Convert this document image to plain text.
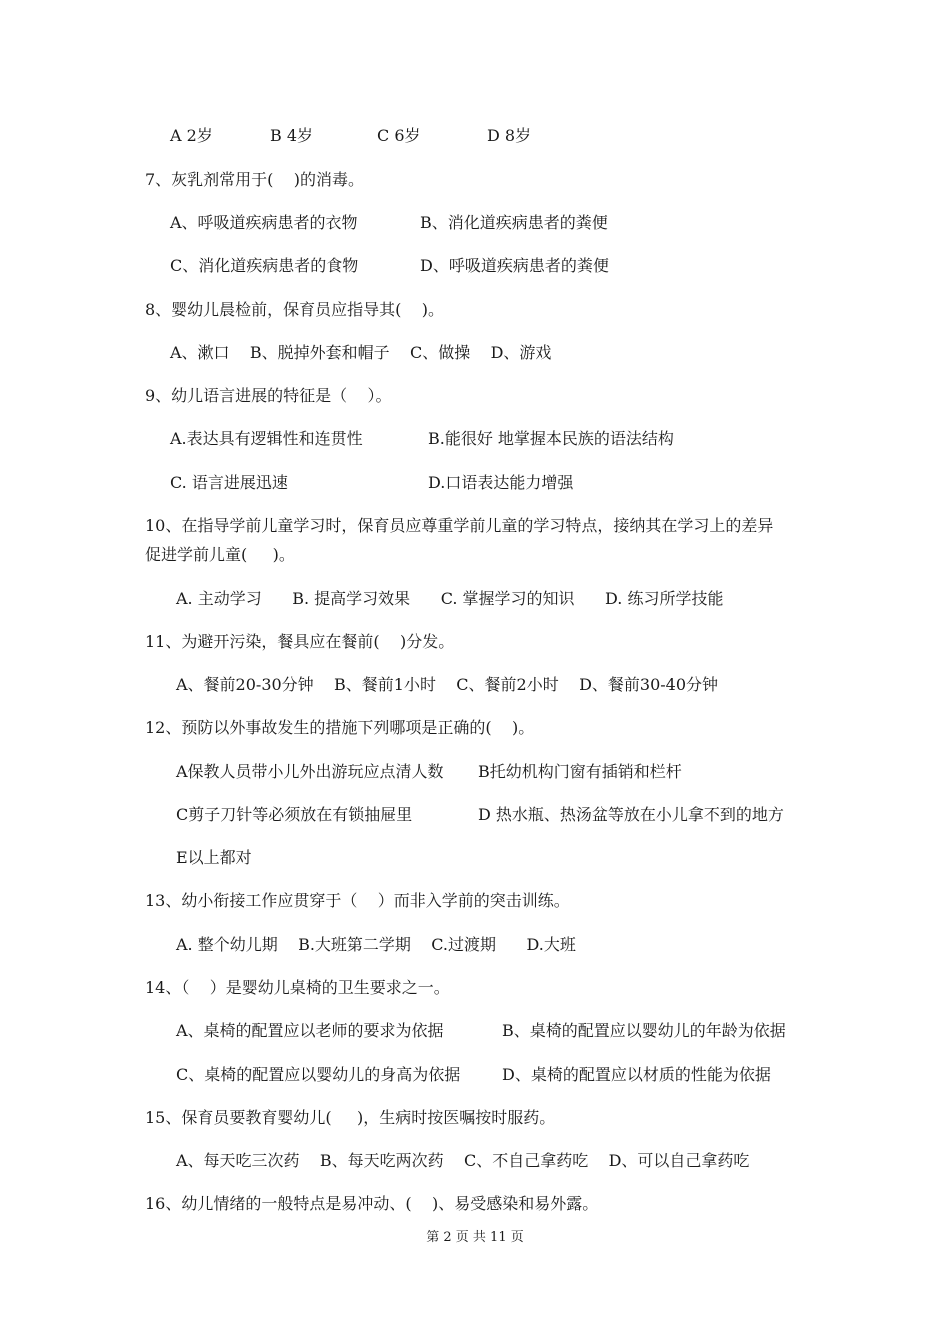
A 2岁	B 4岁	C 6岁	D 8岁
7、灰乳剂常用于(    )的消毒。
A、呼吸道疾病患者的衣物	B、消化道疾病患者的粪便
C、消化道疾病患者的食物	D、呼吸道疾病患者的粪便
8、婴幼儿晨检前，保育员应指导其(    )。
A、漱口    B、脱掉外套和帽子    C、做操    D、游戏
9、幼儿语言进展的特征是（    ）。
A.表达具有逻辑性和连贯性	B.能很好 地掌握本民族的语法结构
C. 语言进展迅速	D.口语表达能力增强
10、在指导学前儿童学习时，保育员应尊重学前儿童的学习特点，接纳其在学习上的差异
促进学前儿童(     )。
A. 主动学习      B. 提高学习效果      C. 掌握学习的知识      D. 练习所学技能
11、为避开污染，餐具应在餐前(    )分发。
A、餐前20-30分钟    B、餐前1小时    C、餐前2小时    D、餐前30-40分钟
12、预防以外事故发生的措施下列哪项是正确的(    )。
A保教人员带小儿外出游玩应点清人数 B托幼机构门窗有插销和栏杆
C剪子刀针等必须放在有锁抽屉里	D 热水瓶、热汤盆等放在小儿拿不到的地方
E以上都对
13、幼小衔接工作应贯穿于（    ）而非入学前的突击训练。
A. 整个幼儿期    B.大班第二学期    C.过渡期      D.大班
14、（    ）是婴幼儿桌椅的卫生要求之一。
A、桌椅的配置应以老师的要求为依据	B、桌椅的配置应以婴幼儿的年龄为依据
C、桌椅的配置应以婴幼儿的身高为依据	D、桌椅的配置应以材质的性能为依据
15、保育员要教育婴幼儿(     )，生病时按医嘱按时服药。
A、每天吃三次药    B、每天吃两次药    C、不自己拿药吃    D、可以自己拿药吃
16、幼儿情绪的一般特点是易冲动、(    )、易受感染和易外露。
第 2 页 共 11 页
